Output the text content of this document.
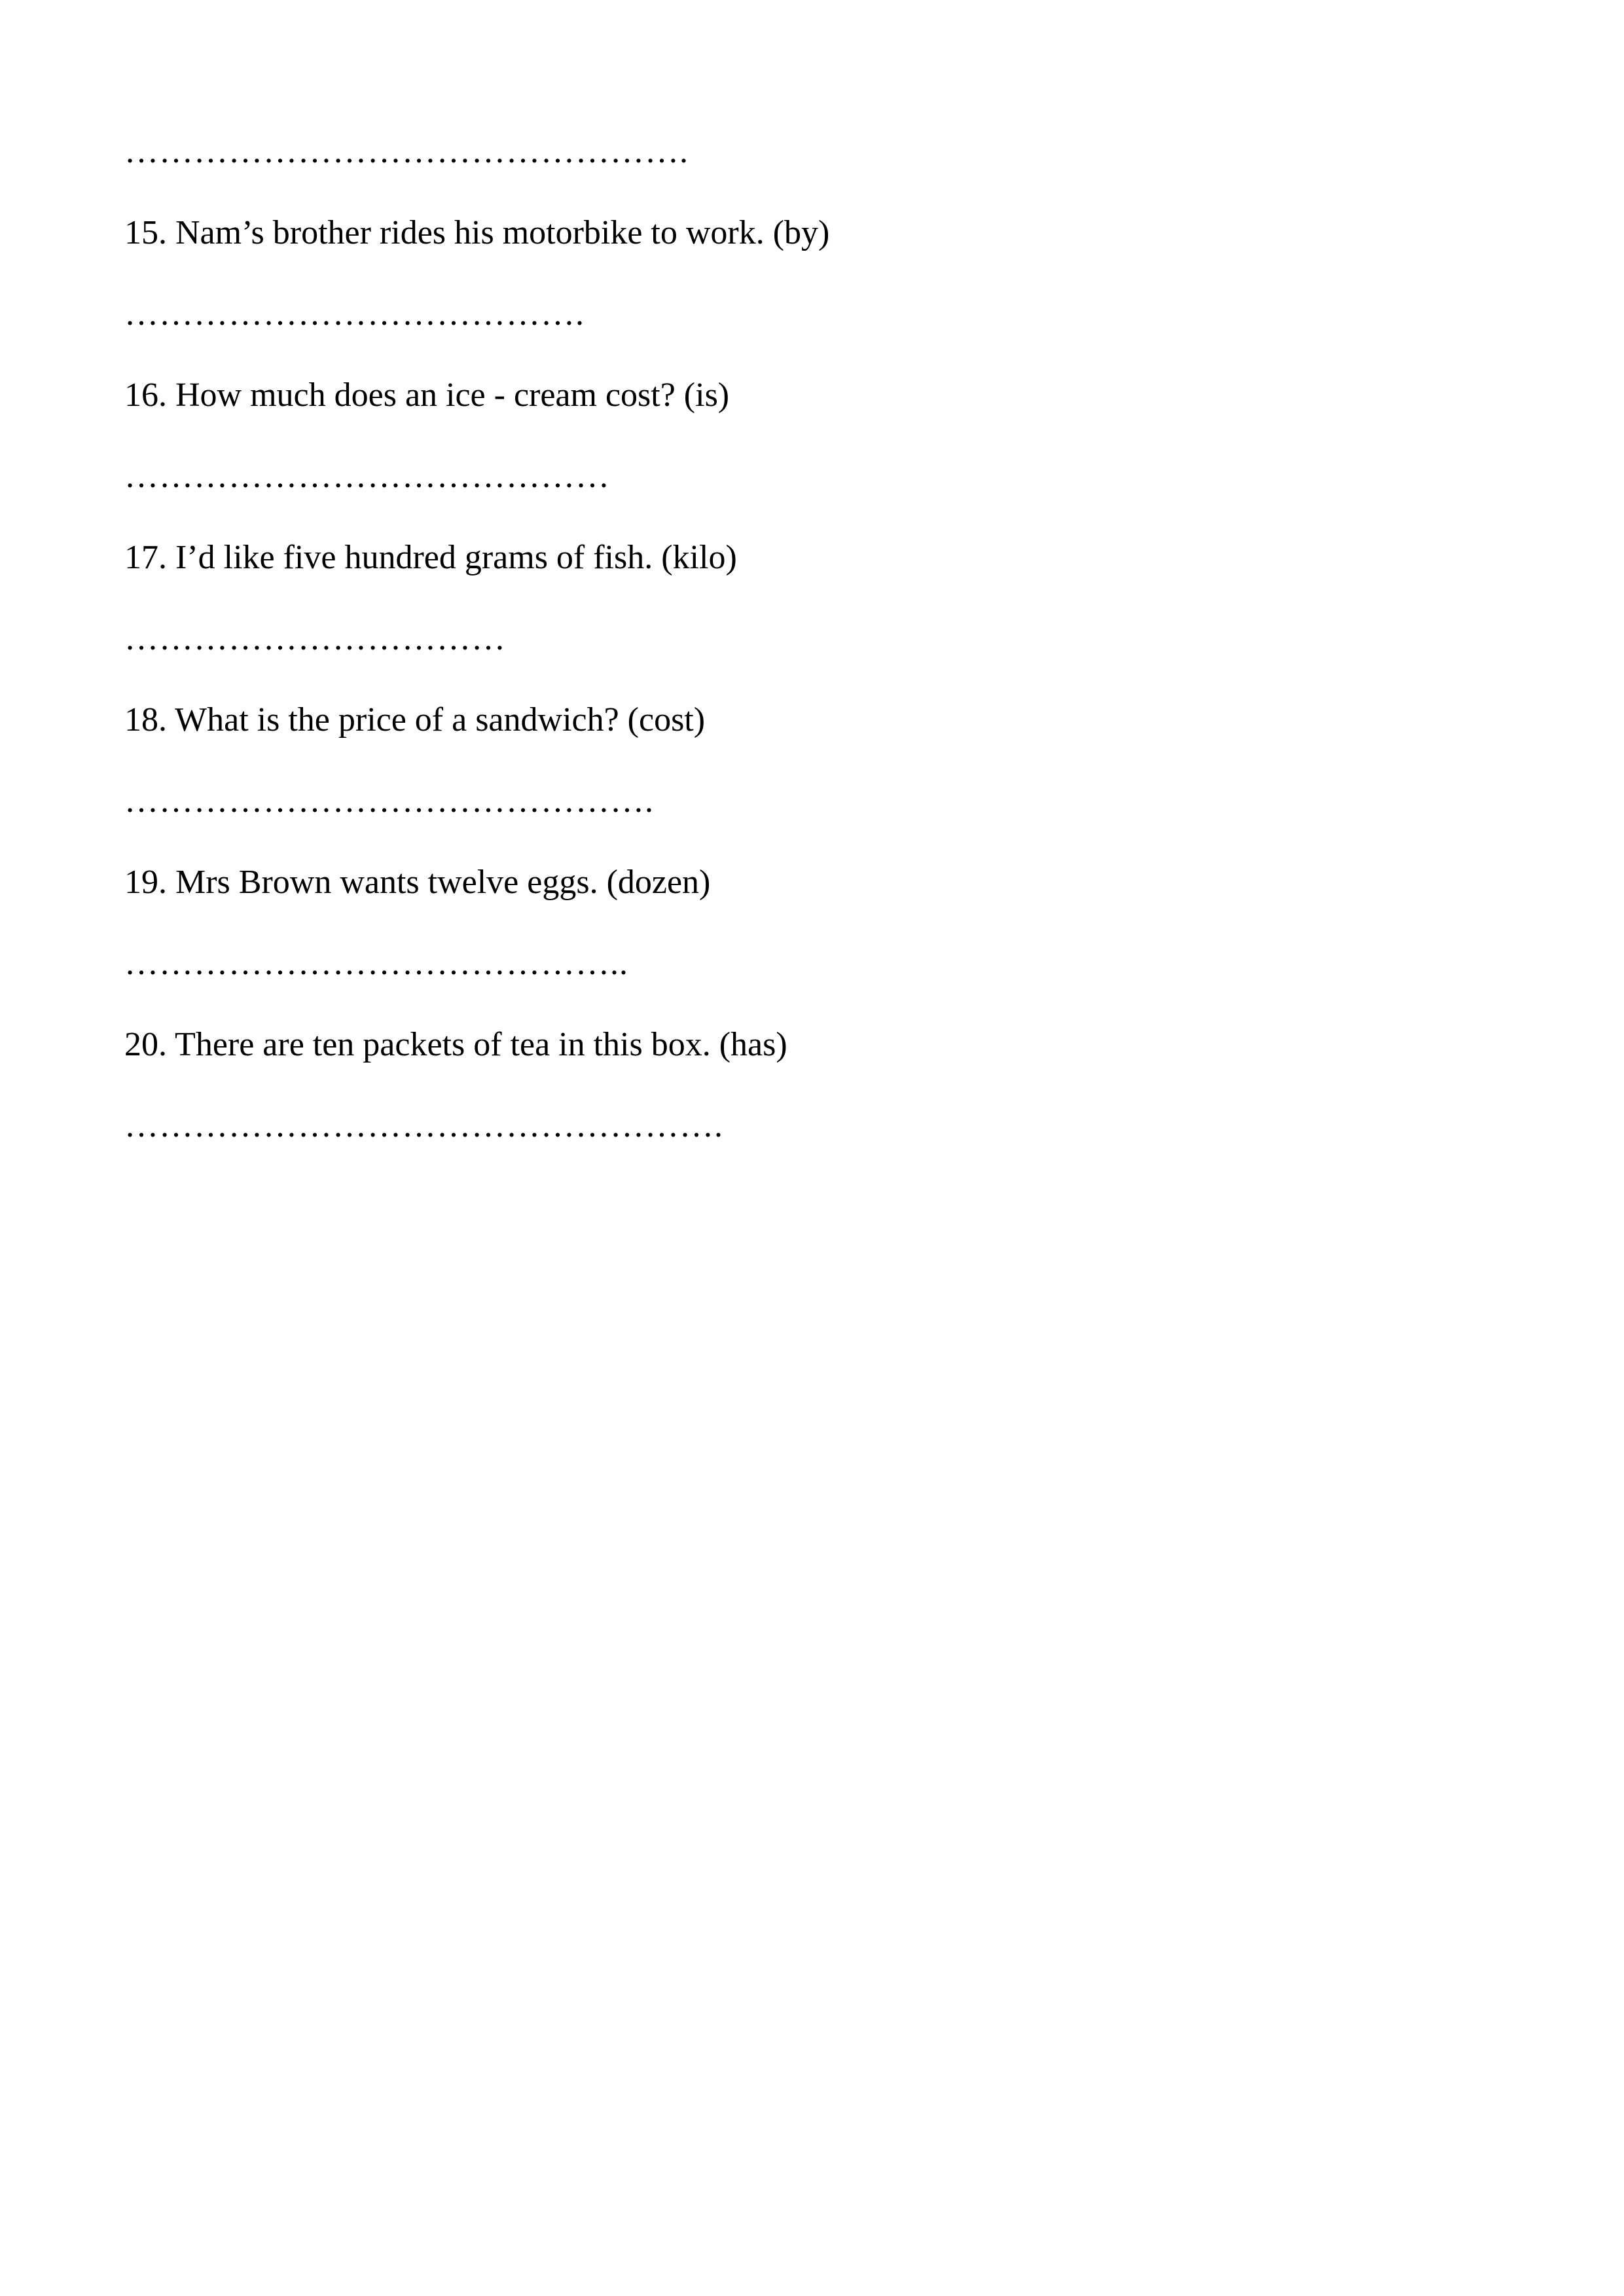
………………………………………….

15. Nam’s brother rides his motorbike to work. (by)

………………………………….

16. How much does an ice - cream cost? (is)

……………………………………

17. I’d like five hundred grams of fish. (kilo)

……………………………

18. What is the price of a sandwich? (cost)

……………………………………….

19. Mrs Brown wants twelve eggs. (dozen)

……………………………………..

20. There are ten packets of tea in this box. (has)

…………………………………………….
